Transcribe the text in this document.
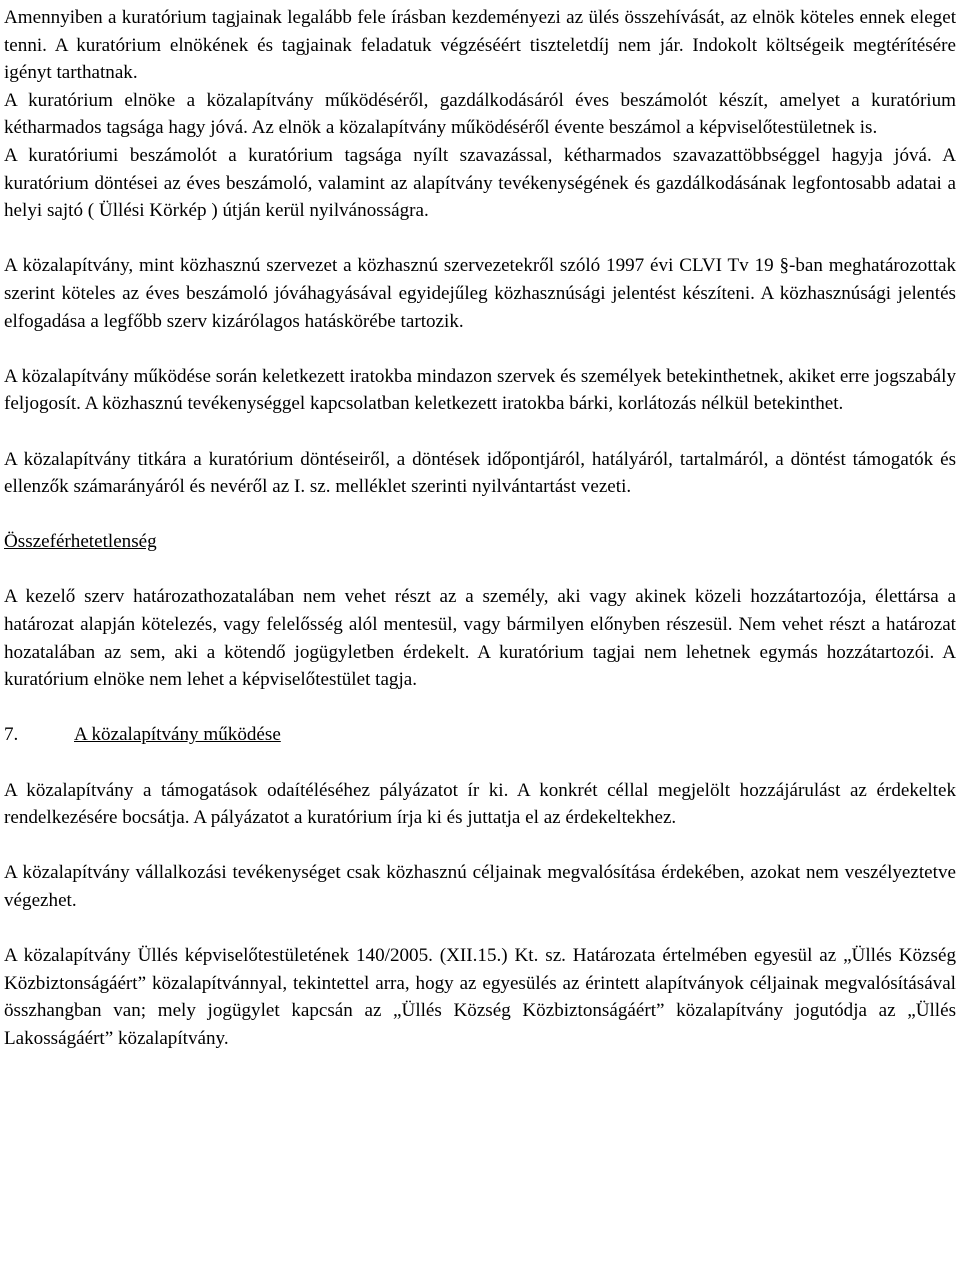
Amennyiben a kuratórium tagjainak legalább fele írásban kezdeményezi az ülés összehívását, az elnök köteles ennek eleget tenni. A kuratórium elnökének és tagjainak feladatuk végzéséért tiszteletdíj nem jár. Indokolt költségeik megtérítésére igényt tarthatnak.

A kuratórium elnöke a közalapítvány működéséről, gazdálkodásáról éves beszámolót készít, amelyet a kuratórium kétharmados tagsága hagy jóvá. Az elnök a közalapítvány működéséről évente beszámol a képviselőtestületnek is.

A kuratóriumi beszámolót a kuratórium tagsága nyílt szavazással, kétharmados szavazattöbbséggel hagyja jóvá. A kuratórium döntései az éves beszámoló, valamint az alapítvány tevékenységének és gazdálkodásának legfontosabb adatai a helyi sajtó ( Üllési Körkép ) útján kerül nyilvánosságra.

A közalapítvány, mint közhasznú szervezet a közhasznú szervezetekről szóló 1997 évi CLVI Tv 19 §-ban meghatározottak szerint köteles az éves beszámoló jóváhagyásával egyidejűleg közhasznúsági jelentést készíteni. A közhasznúsági jelentés elfogadása a legfőbb szerv kizárólagos hatáskörébe tartozik.

A közalapítvány működése során keletkezett iratokba mindazon szervek és személyek betekinthetnek, akiket erre jogszabály feljogosít. A közhasznú tevékenységgel kapcsolatban keletkezett iratokba bárki, korlátozás nélkül betekinthet.

A közalapítvány titkára a kuratórium döntéseiről, a döntések időpontjáról, hatályáról, tartalmáról, a döntést támogatók és ellenzők számarányáról és nevéről az I. sz. melléklet szerinti nyilvántartást vezeti.

Összeférhetetlenség

A kezelő szerv határozathozatalában nem vehet részt az a személy, aki vagy akinek közeli hozzátartozója, élettársa a határozat alapján kötelezés, vagy felelősség alól mentesül, vagy bármilyen előnyben részesül. Nem vehet részt a határozat hozatalában az sem, aki a kötendő jogügyletben érdekelt. A kuratórium tagjai nem lehetnek egymás hozzátartozói. A kuratórium elnöke nem lehet a képviselőtestület tagja.

7.	A közalapítvány működése

A közalapítvány a támogatások odaítéléséhez pályázatot ír ki. A konkrét céllal megjelölt hozzájárulást az érdekeltek rendelkezésére bocsátja. A pályázatot a kuratórium írja ki és juttatja el az érdekeltekhez.

A közalapítvány vállalkozási tevékenységet csak közhasznú céljainak megvalósítása érdekében, azokat nem veszélyeztetve végezhet.

A közalapítvány Üllés képviselőtestületének 140/2005. (XII.15.) Kt. sz. Határozata értelmében egyesül az „Üllés Község Közbiztonságáért” közalapítvánnyal, tekintettel arra, hogy az egyesülés az érintett alapítványok céljainak megvalósításával összhangban van; mely jogügylet kapcsán az „Üllés Község Közbiztonságáért” közalapítvány jogutódja az „Üllés Lakosságáért” közalapítvány.
